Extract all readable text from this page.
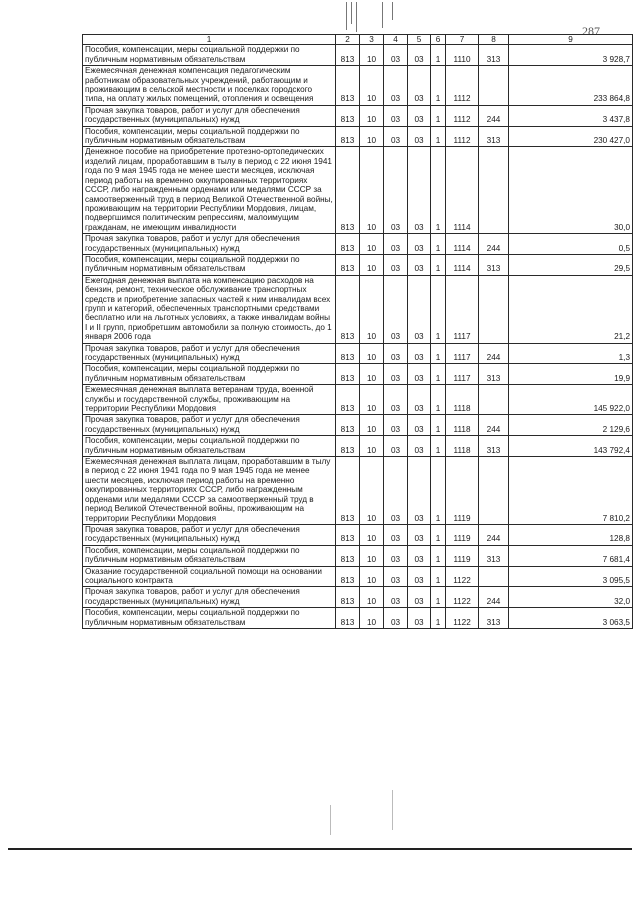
287
1	2	3	4	5	6	7	8	9
Пособия, компенсации, меры социальной поддержки по публичным нормативным обязательствам	813	10	03	03	1	1110	313	3 928,7
Ежемесячная денежная компенсация педагогическим работникам образовательных учреждений, работающим и проживающим в сельской местности и поселках городского типа, на оплату жилых помещений, отопления и освещения	813	10	03	03	1	1112		233 864,8
Прочая закупка товаров, работ и услуг для обеспечения государственных (муниципальных) нужд	813	10	03	03	1	1112	244	3 437,8
Пособия, компенсации, меры социальной поддержки по публичным нормативным обязательствам	813	10	03	03	1	1112	313	230 427,0
Денежное пособие на приобретение протезно-ортопедических изделий лицам, проработавшим в тылу в период с 22 июня 1941 года по 9 мая 1945 года не менее шести месяцев, исключая период работы на временно оккупированных территориях СССР, либо награжденным орденами или медалями СССР за самоотверженный труд в период Великой Отечественной войны, проживающим на территории Республики Мордовия, лицам, подвергшимся политическим репрессиям, малоимущим гражданам, не имеющим инвалидности	813	10	03	03	1	1114		30,0
Прочая закупка товаров, работ и услуг для обеспечения государственных (муниципальных) нужд	813	10	03	03	1	1114	244	0,5
Пособия, компенсации, меры социальной поддержки по публичным нормативным обязательствам	813	10	03	03	1	1114	313	29,5
Ежегодная денежная выплата на компенсацию расходов на бензин, ремонт, техническое обслуживание транспортных средств и приобретение запасных частей к ним инвалидам всех групп и категорий, обеспеченных транспортными средствами бесплатно или на льготных условиях, а также инвалидам войны I и II групп, приобретшим автомобили за полную стоимость, до 1 января 2006 года	813	10	03	03	1	1117		21,2
Прочая закупка товаров, работ и услуг для обеспечения государственных (муниципальных) нужд	813	10	03	03	1	1117	244	1,3
Пособия, компенсации, меры социальной поддержки по публичным нормативным обязательствам	813	10	03	03	1	1117	313	19,9
Ежемесячная денежная выплата ветеранам труда, военной службы и государственной службы, проживающим на территории Республики Мордовия	813	10	03	03	1	1118		145 922,0
Прочая закупка товаров, работ и услуг для обеспечения государственных (муниципальных) нужд	813	10	03	03	1	1118	244	2 129,6
Пособия, компенсации, меры социальной поддержки по публичным нормативным обязательствам	813	10	03	03	1	1118	313	143 792,4
Ежемесячная денежная выплата лицам, проработавшим в тылу в период с 22 июня 1941 года по 9 мая 1945 года не менее шести месяцев, исключая период работы на временно оккупированных территориях СССР, либо награжденным орденами или медалями СССР за самоотверженный труд в период Великой Отечественной войны, проживающим на территории Республики Мордовия	813	10	03	03	1	1119		7 810,2
Прочая закупка товаров, работ и услуг для обеспечения государственных (муниципальных) нужд	813	10	03	03	1	1119	244	128,8
Пособия, компенсации, меры социальной поддержки по публичным нормативным обязательствам	813	10	03	03	1	1119	313	7 681,4
Оказание государственной социальной помощи на основании социального контракта	813	10	03	03	1	1122		3 095,5
Прочая закупка товаров, работ и услуг для обеспечения государственных (муниципальных) нужд	813	10	03	03	1	1122	244	32,0
Пособия, компенсации, меры социальной поддержки по публичным нормативным обязательствам	813	10	03	03	1	1122	313	3 063,5
